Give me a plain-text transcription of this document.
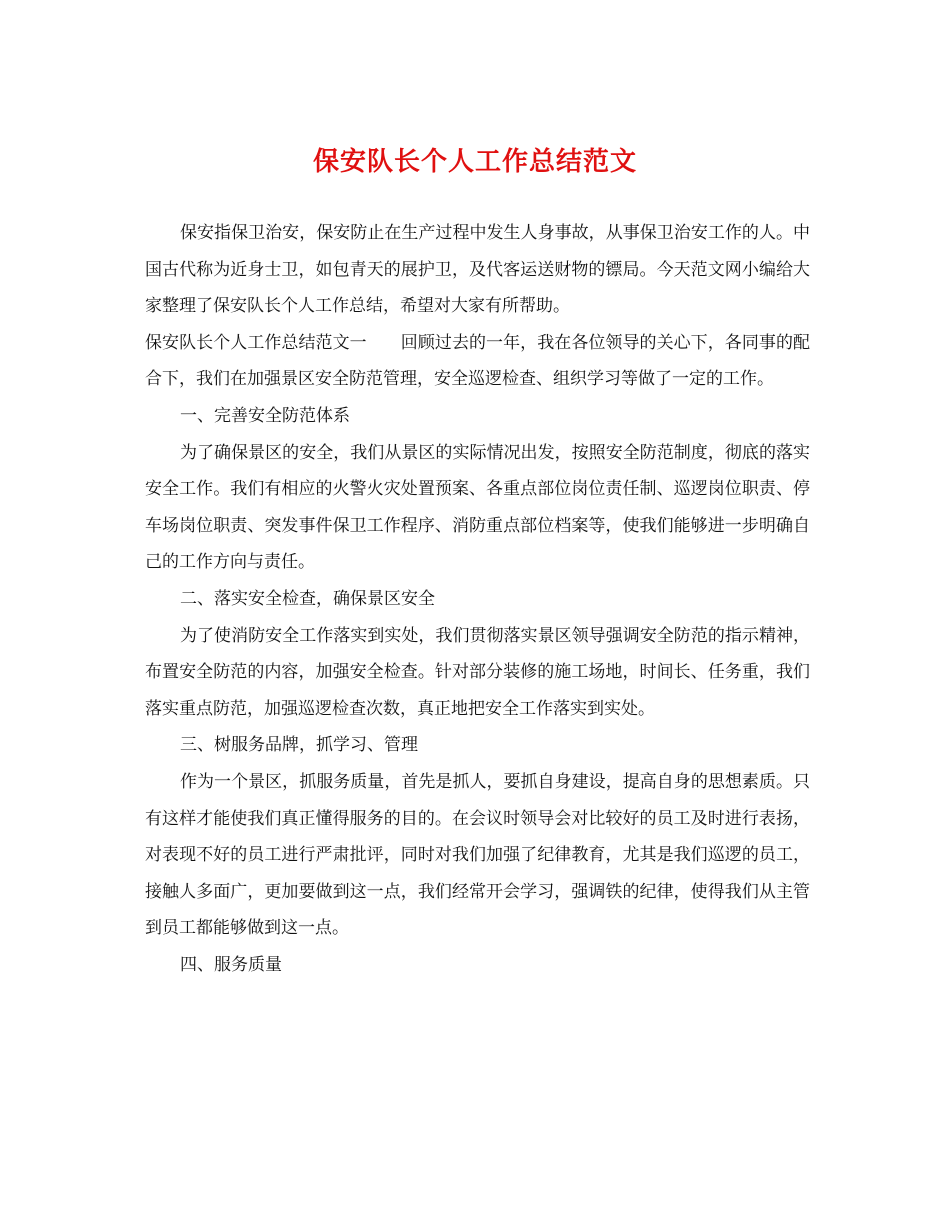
保安队长个人工作总结范文

保安指保卫治安，保安防止在生产过程中发生人身事故，从事保卫治安工作的人。中国古代称为近身士卫，如包青天的展护卫，及代客运送财物的镖局。今天范文网小编给大家整理了保安队长个人工作总结，希望对大家有所帮助。

保安队长个人工作总结范文一　　回顾过去的一年，我在各位领导的关心下，各同事的配合下，我们在加强景区安全防范管理，安全巡逻检查、组织学习等做了一定的工作。

一、完善安全防范体系

为了确保景区的安全，我们从景区的实际情况出发，按照安全防范制度，彻底的落实安全工作。我们有相应的火警火灾处置预案、各重点部位岗位责任制、巡逻岗位职责、停车场岗位职责、突发事件保卫工作程序、消防重点部位档案等，使我们能够进一步明确自己的工作方向与责任。

二、落实安全检查，确保景区安全

为了使消防安全工作落实到实处，我们贯彻落实景区领导强调安全防范的指示精神，布置安全防范的内容，加强安全检查。针对部分装修的施工场地，时间长、任务重，我们落实重点防范，加强巡逻检查次数，真正地把安全工作落实到实处。

三、树服务品牌，抓学习、管理

作为一个景区，抓服务质量，首先是抓人，要抓自身建设，提高自身的思想素质。只有这样才能使我们真正懂得服务的目的。在会议时领导会对比较好的员工及时进行表扬，对表现不好的员工进行严肃批评，同时对我们加强了纪律教育，尤其是我们巡逻的员工，接触人多面广，更加要做到这一点，我们经常开会学习，强调铁的纪律，使得我们从主管到员工都能够做到这一点。

四、服务质量
